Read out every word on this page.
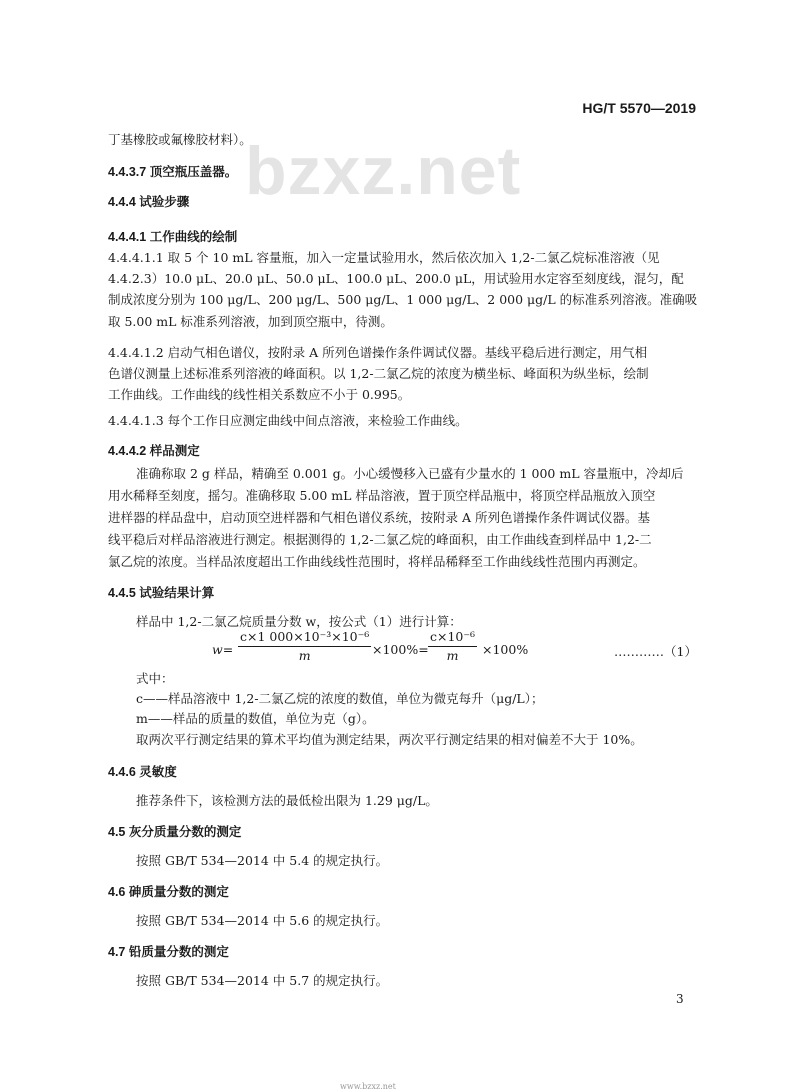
HG/T 5570—2019
bzxz.net
丁基橡胶或氟橡胶材料）。
4.4.3.7 顶空瓶压盖器。
4.4.4 试验步骤
4.4.4.1 工作曲线的绘制
4.4.4.1.1 取 5 个 10 mL 容量瓶，加入一定量试验用水，然后依次加入 1,2-二氯乙烷标准溶液（见
4.4.2.3）10.0 μL、20.0 μL、50.0 μL、100.0 μL、200.0 μL，用试验用水定容至刻度线，混匀，配
制成浓度分别为 100 μg/L、200 μg/L、500 μg/L、1 000 μg/L、2 000 μg/L 的标准系列溶液。准确吸
取 5.00 mL 标准系列溶液，加到顶空瓶中，待测。
4.4.4.1.2 启动气相色谱仪，按附录 A 所列色谱操作条件调试仪器。基线平稳后进行测定，用气相
色谱仪测量上述标准系列溶液的峰面积。以 1,2-二氯乙烷的浓度为横坐标、峰面积为纵坐标，绘制
工作曲线。工作曲线的线性相关系数应不小于 0.995。
4.4.4.1.3 每个工作日应测定曲线中间点溶液，来检验工作曲线。
4.4.4.2 样品测定
准确称取 2 g 样品，精确至 0.001 g。小心缓慢移入已盛有少量水的 1 000 mL 容量瓶中，冷却后
用水稀释至刻度，摇匀。准确移取 5.00 mL 样品溶液，置于顶空样品瓶中，将顶空样品瓶放入顶空
进样器的样品盘中，启动顶空进样器和气相色谱仪系统，按附录 A 所列色谱操作条件调试仪器。基
线平稳后对样品溶液进行测定。根据测得的 1,2-二氯乙烷的峰面积，由工作曲线查到样品中 1,2-二
氯乙烷的浓度。当样品浓度超出工作曲线线性范围时，将样品稀释至工作曲线线性范围内再测定。
4.4.5 试验结果计算
样品中 1,2-二氯乙烷质量分数 w，按公式（1）进行计算：
$w= \frac{\text{c×1 000×10⁻³×10⁻⁶}}{m} \times 100\%= \frac{\text{c×10⁻⁶}}{m} \times 100\%$	…………（1）
式中：
c——样品溶液中 1,2-二氯乙烷的浓度的数值，单位为微克每升（μg/L）；
m——样品的质量的数值，单位为克（g）。
取两次平行测定结果的算术平均值为测定结果，两次平行测定结果的相对偏差不大于 10%。
4.4.6 灵敏度
推荐条件下，该检测方法的最低检出限为 1.29 μg/L。
4.5 灰分质量分数的测定
按照 GB/T 534—2014 中 5.4 的规定执行。
4.6 砷质量分数的测定
按照 GB/T 534—2014 中 5.6 的规定执行。
4.7 铅质量分数的测定
按照 GB/T 534—2014 中 5.7 的规定执行。
3
www.bzxz.net
